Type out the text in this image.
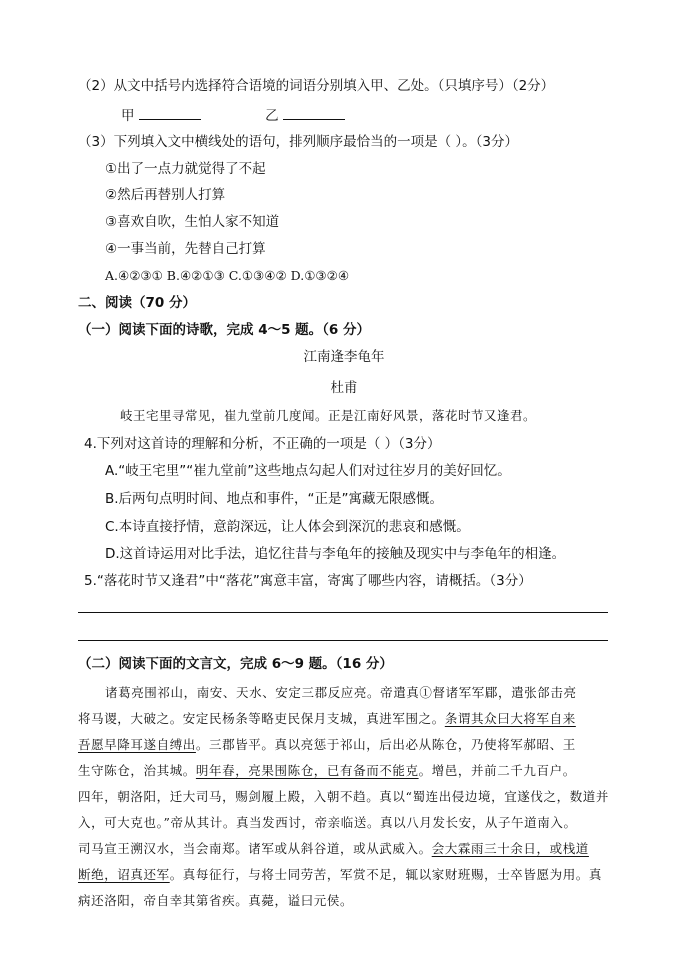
（2）从文中括号内选择符合语境的词语分别填入甲、乙处。（只填序号）（2分）
甲	乙
（3）下列填入文中横线处的语句，排列顺序最恰当的一项是（ ）。（3分）
①出了一点力就觉得了不起
②然后再替别人打算
③喜欢自吹，生怕人家不知道
④一事当前，先替自己打算
A.④②③① B.④②①③ C.①③④② D.①③②④
二、阅读（70 分）
（一）阅读下面的诗歌，完成 4～5 题。（6 分）
江南逢李龟年
杜甫
岐王宅里寻常见，崔九堂前几度闻。正是江南好风景，落花时节又逢君。
4.下列对这首诗的理解和分析，不正确的一项是（ ）（3分）
A.“岐王宅里”“崔九堂前”这些地点勾起人们对过往岁月的美好回忆。
B.后两句点明时间、地点和事件，“正是”寓藏无限感慨。
C.本诗直接抒情，意韵深远，让人体会到深沉的悲哀和感慨。
D.这首诗运用对比手法，追忆往昔与李龟年的接触及现实中与李龟年的相逢。
5.“落花时节又逢君”中“落花”寓意丰富，寄寓了哪些内容，请概括。（3分）
（二）阅读下面的文言文，完成 6～9 题。（16 分）
诸葛亮围祁山，南安、天水、安定三郡反应亮。帝遣真①督诸军军郿，遣张郃击亮
将马谡，大破之。安定民杨条等略吏民保月支城，真进军围之。条谓其众曰大将军自来
吾愿早降耳遂自缚出。三郡皆平。真以亮惩于祁山，后出必从陈仓，乃使将军郝昭、王
生守陈仓，治其城。明年春，亮果围陈仓，已有备而不能克。增邑，并前二千九百户。
四年，朝洛阳，迁大司马，赐剑履上殿，入朝不趋。真以“蜀连出侵边境，宜遂伐之，数道并
入，可大克也。”帝从其计。真当发西讨，帝亲临送。真以八月发长安，从子午道南入。
司马宣王溯汉水，当会南郑。诸军或从斜谷道，或从武威入。会大霖雨三十余日，或栈道
断绝，诏真还军。真每征行，与将士同劳苦，军赏不足，辄以家财班赐，士卒皆愿为用。真
病还洛阳，帝自幸其第省疾。真薨，谥曰元侯。
